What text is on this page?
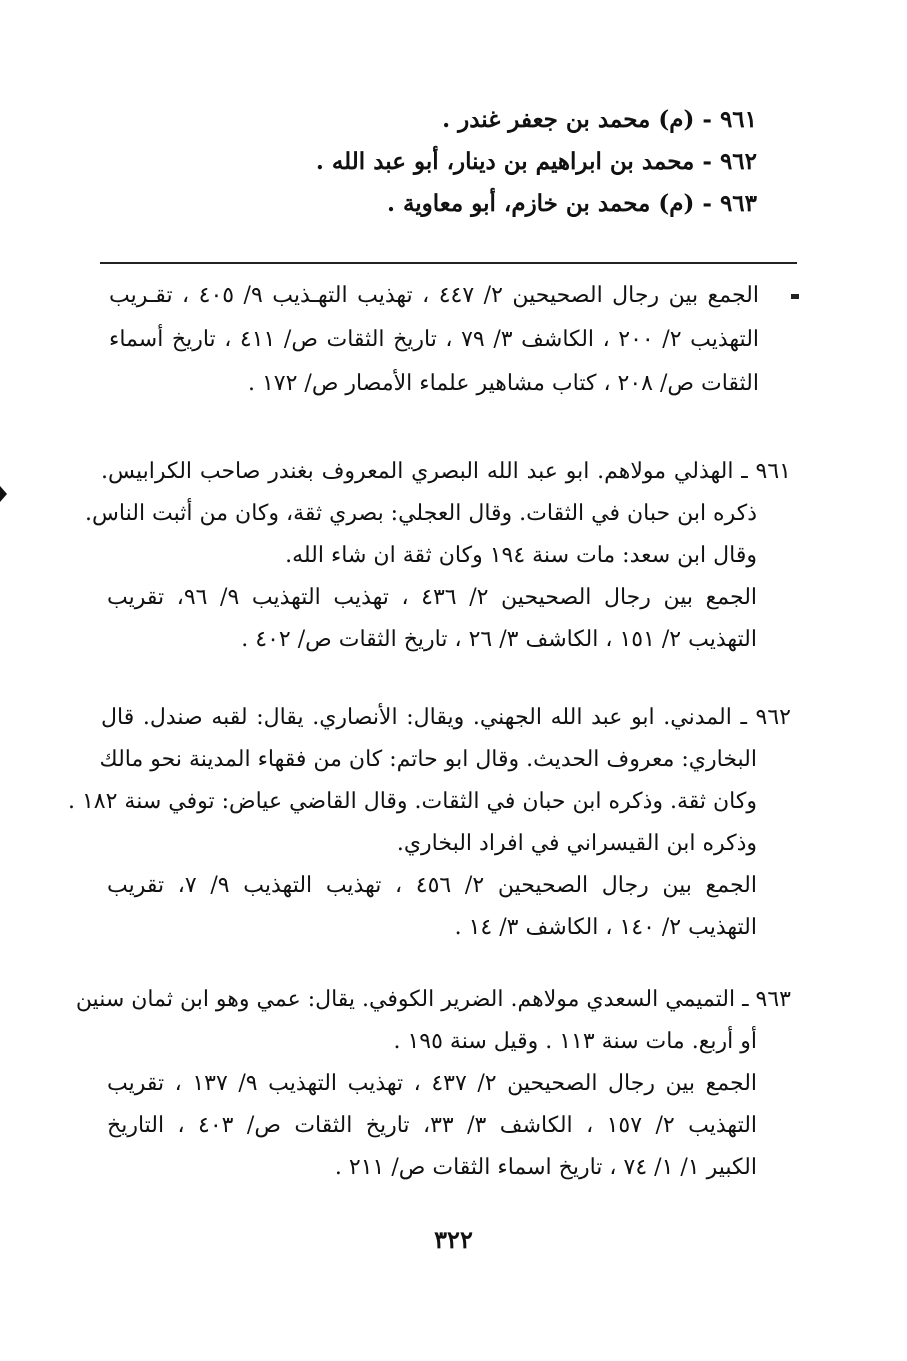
٩٦١ - (م) محمد بن جعفر غندر .
٩٦٢ - محمد بن ابراهيم بن دينار، أبو عبد الله .
٩٦٣ - (م) محمد بن خازم، أبو معاوية .
الجمع بين رجال الصحيحين ٢/ ٤٤٧ ، تهذيب التهـذيب ٩/ ٤٠٥ ، تقـريب
التهذيب ٢/ ٢٠٠ ، الكاشف ٣/ ٧٩ ، تاريخ الثقات ص/ ٤١١ ، تاريخ أسماء
الثقات ص/ ٢٠٨ ، كتاب مشاهير علماء الأمصار ص/ ١٧٢ .
٩٦١ ـ الهذلي مولاهم. ابو عبد الله البصري المعروف بغندر صاحب الكرابيس.
ذكره ابن حبان في الثقات. وقال العجلي: بصري ثقة، وكان من أثبت الناس.
وقال ابن سعد: مات سنة ١٩٤ وكان ثقة ان شاء الله.
الجمع بين رجال الصحيحين ٢/ ٤٣٦ ، تهذيب التهذيب ٩/ ٩٦، تقريب
التهذيب ٢/ ١٥١ ، الكاشف ٣/ ٢٦ ، تاريخ الثقات ص/ ٤٠٢ .
٩٦٢ ـ المدني. ابو عبد الله الجهني. ويقال: الأنصاري. يقال: لقبه صندل. قال
البخاري: معروف الحديث. وقال ابو حاتم: كان من فقهاء المدينة نحو مالك
وكان ثقة. وذكره ابن حبان في الثقات. وقال القاضي عياض: توفي سنة ١٨٢ .
وذكره ابن القيسراني في افراد البخاري.
الجمع بين رجال الصحيحين ٢/ ٤٥٦ ، تهذيب التهذيب ٩/ ٧، تقريب
التهذيب ٢/ ١٤٠ ، الكاشف ٣/ ١٤ .
٩٦٣ ـ التميمي السعدي مولاهم. الضرير الكوفي. يقال: عمي وهو ابن ثمان سنين
أو أربع. مات سنة ١١٣ . وقيل سنة ١٩٥ .
الجمع بين رجال الصحيحين ٢/ ٤٣٧ ، تهذيب التهذيب ٩/ ١٣٧ ، تقريب
التهذيب ٢/ ١٥٧ ، الكاشف ٣/ ٣٣، تاريخ الثقات ص/ ٤٠٣ ، التاريخ
الكبير ١/ ١/ ٧٤ ، تاريخ اسماء الثقات ص/ ٢١١ .
٣٢٢
